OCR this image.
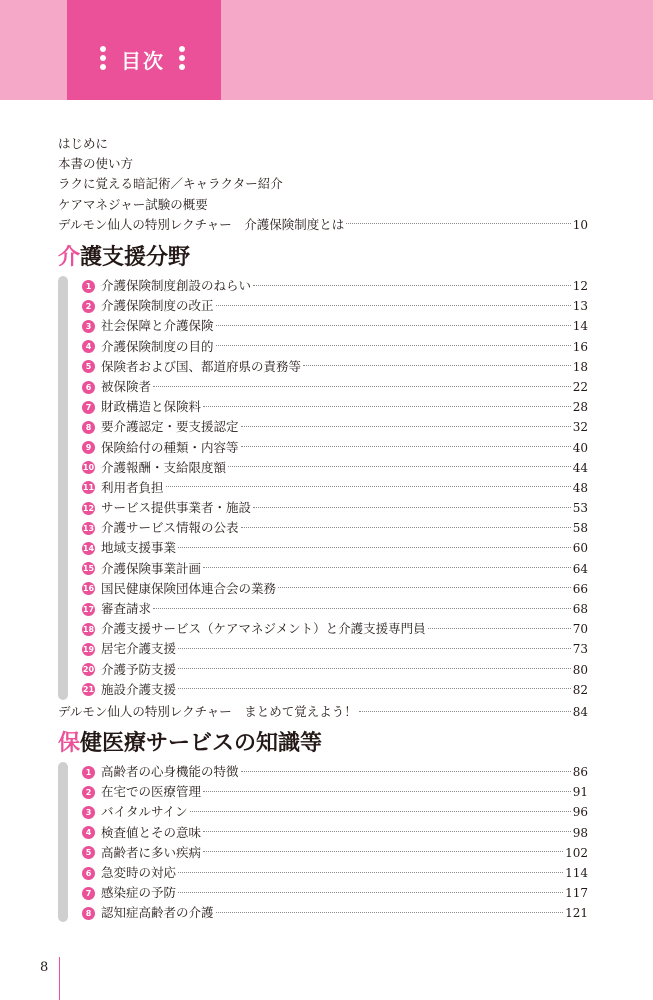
目次
はじめに
本書の使い方
ラクに覚える暗記術／キャラクター紹介
ケアマネジャー試験の概要
デルモン仙人の特別レクチャー　介護保険制度とは	10
介護支援分野
1 介護保険制度創設のねらい	12
2 介護保険制度の改正	13
3 社会保障と介護保険	14
4 介護保険制度の目的	16
5 保険者および国、都道府県の責務等	18
6 被保険者	22
7 財政構造と保険料	28
8 要介護認定・要支援認定	32
9 保険給付の種類・内容等	40
10 介護報酬・支給限度額	44
11 利用者負担	48
12 サービス提供事業者・施設	53
13 介護サービス情報の公表	58
14 地域支援事業	60
15 介護保険事業計画	64
16 国民健康保険団体連合会の業務	66
17 審査請求	68
18 介護支援サービス（ケアマネジメント）と介護支援専門員	70
19 居宅介護支援	73
20 介護予防支援	80
21 施設介護支援	82
デルモン仙人の特別レクチャー　まとめて覚えよう！	84
保健医療サービスの知識等
1 高齢者の心身機能の特徴	86
2 在宅での医療管理	91
3 バイタルサイン	96
4 検査値とその意味	98
5 高齢者に多い疾病	102
6 急変時の対応	114
7 感染症の予防	117
8 認知症高齢者の介護	121
8
